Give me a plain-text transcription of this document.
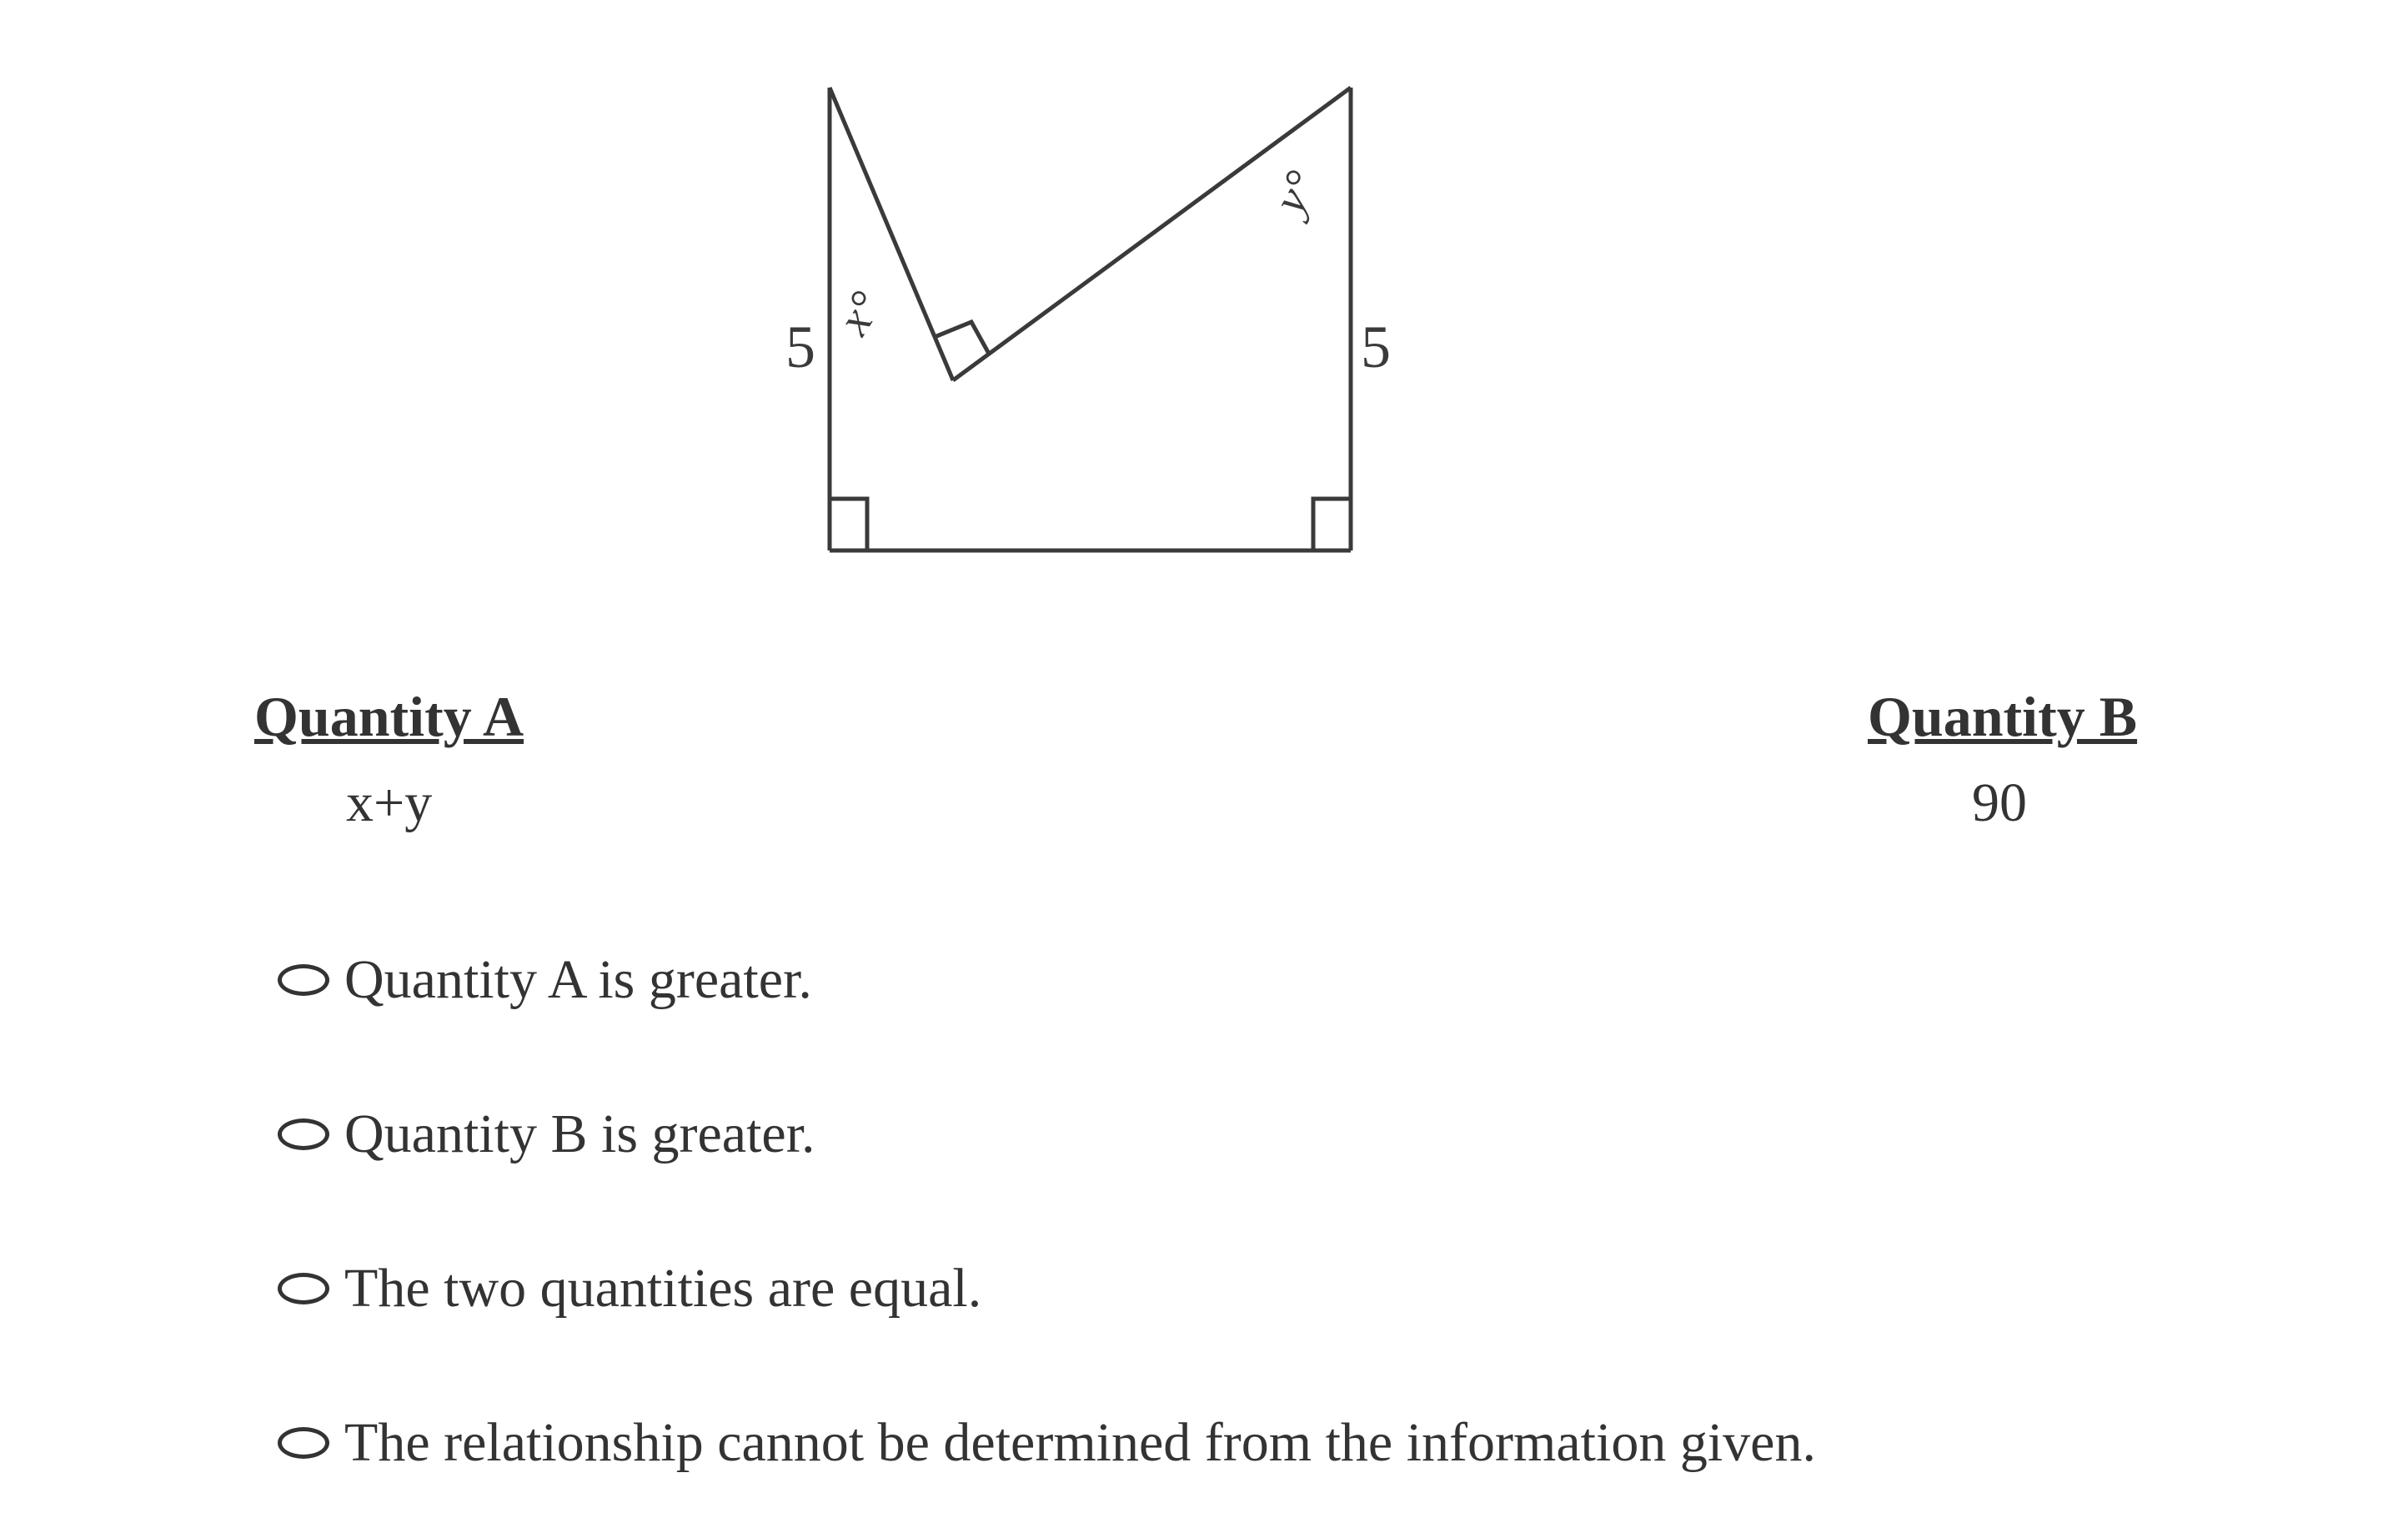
5	5
x°
y°
Quantity A	Quantity B
x+y	90
Quantity A is greater.
Quantity B is greater.
The two quantities are equal.
The relationship cannot be determined from the information given.
